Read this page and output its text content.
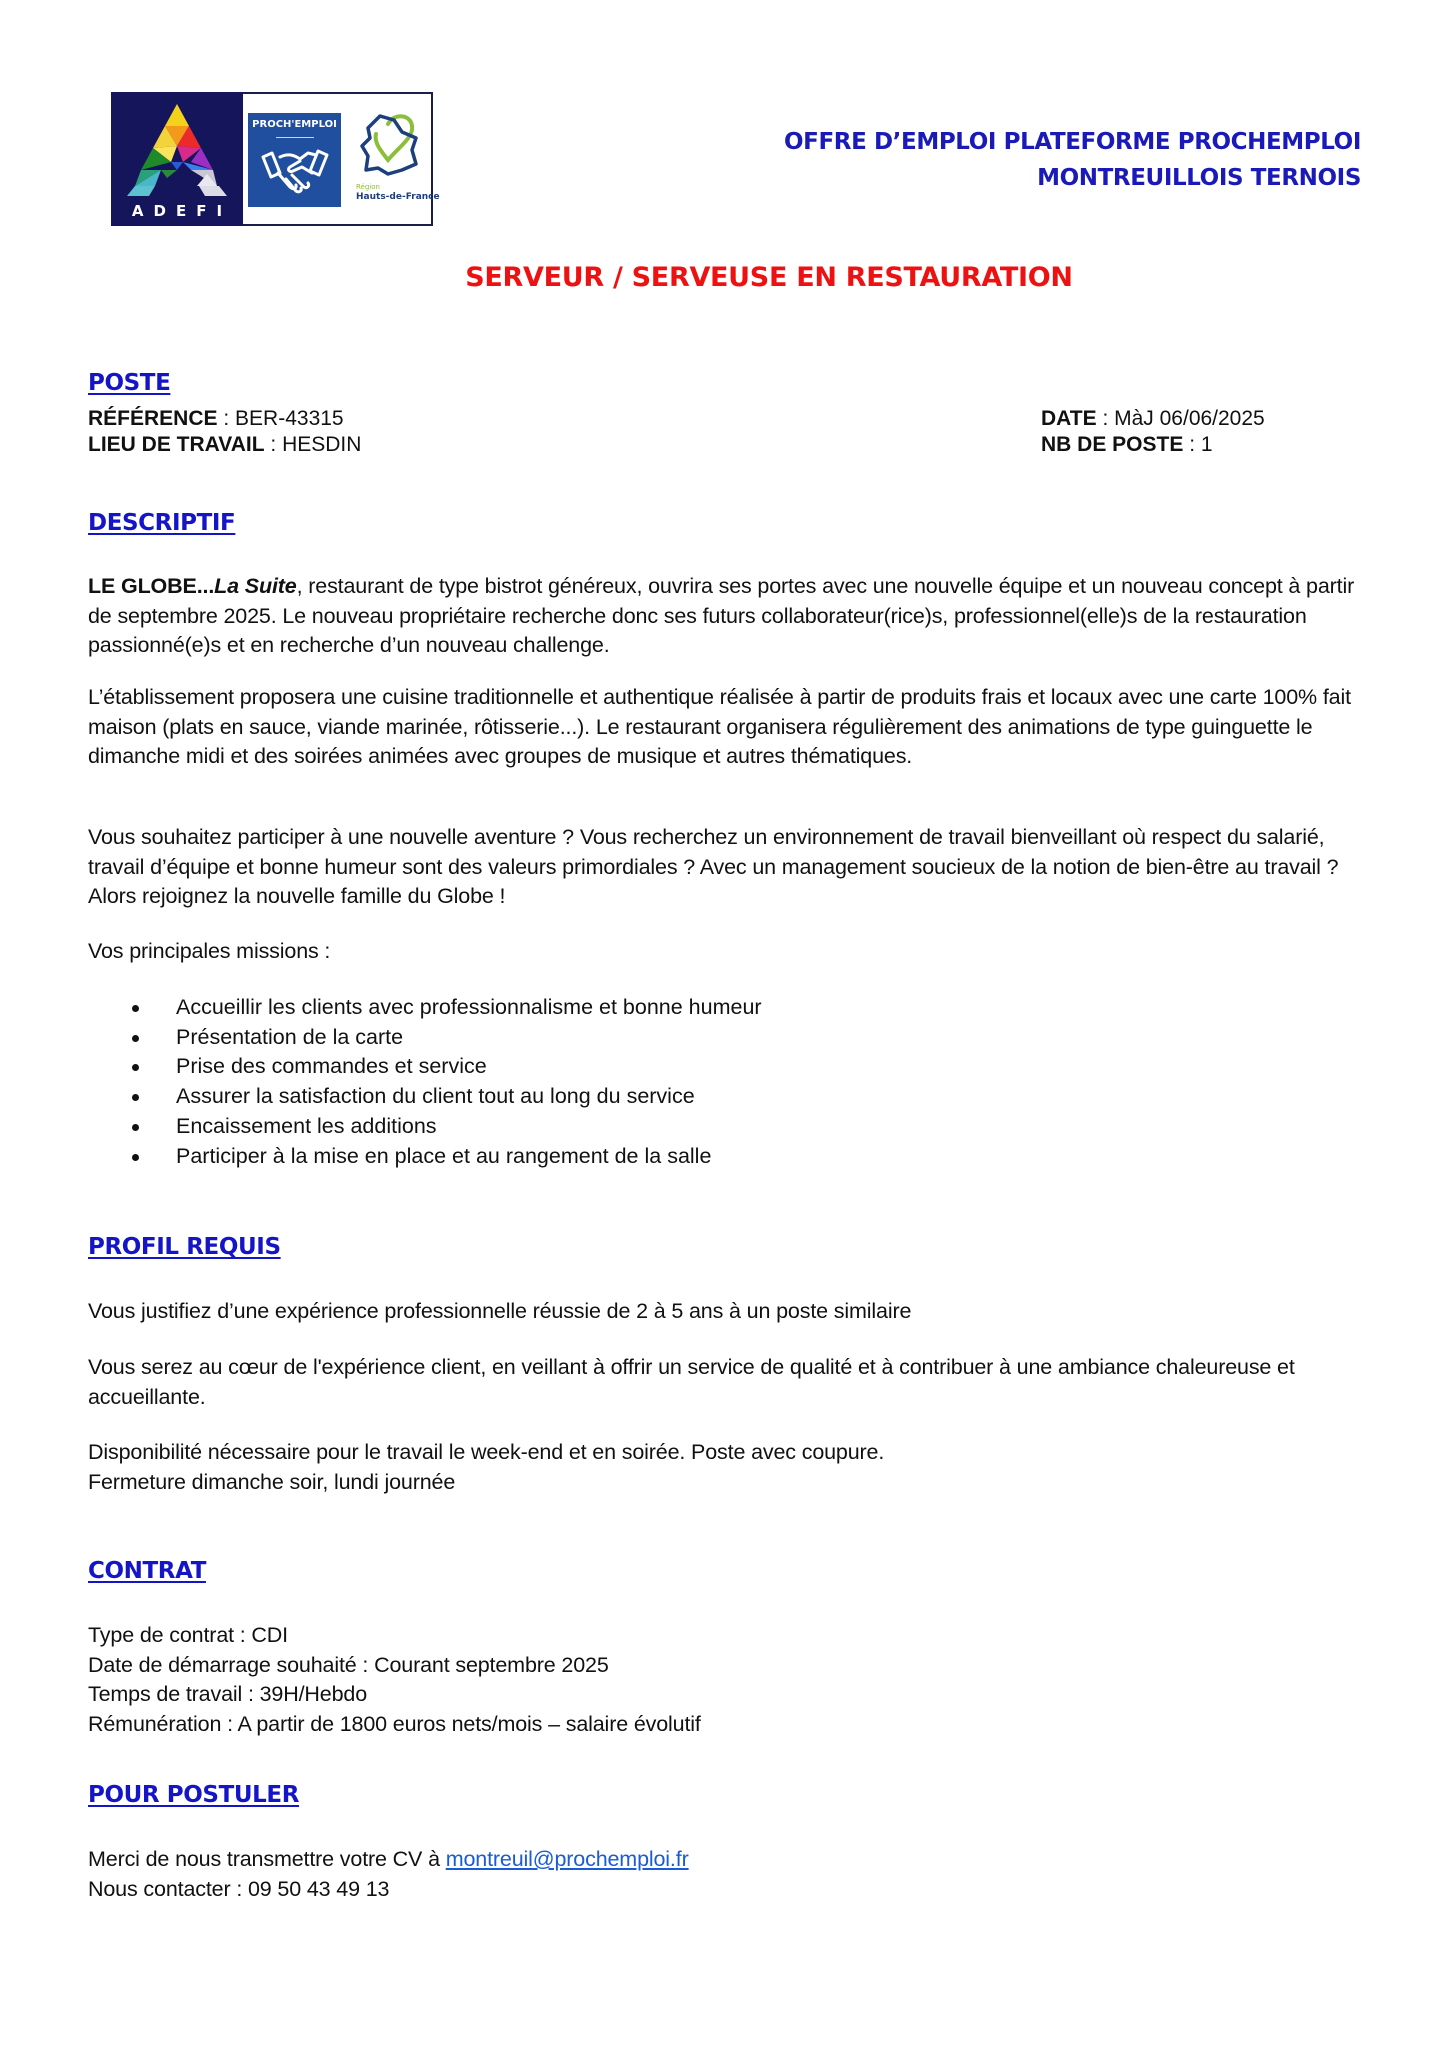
ADEFI
PROCH'EMPLOI
Région
Hauts-de-France
OFFRE D’EMPLOI PLATEFORME PROCHEMPLOI
MONTREUILLOIS TERNOIS
SERVEUR / SERVEUSE EN RESTAURATION
POSTE
RÉFÉRENCE : BER-43315
LIEU DE TRAVAIL : HESDIN
DATE : MàJ 06/06/2025
NB DE POSTE : 1
DESCRIPTIF
LE GLOBE...La Suite, restaurant de type bistrot généreux, ouvrira ses portes avec une nouvelle équipe et un nouveau concept à partir de septembre 2025. Le nouveau propriétaire recherche donc ses futurs collaborateur(rice)s, professionnel(elle)s de la restauration passionné(e)s et en recherche d’un nouveau challenge.
L’établissement proposera une cuisine traditionnelle et authentique réalisée à partir de produits frais et locaux avec une carte 100% fait maison (plats en sauce, viande marinée, rôtisserie...). Le restaurant organisera régulièrement des animations de type guinguette le dimanche midi et des soirées animées avec groupes de musique et autres thématiques.
Vous souhaitez participer à une nouvelle aventure ? Vous recherchez un environnement de travail bienveillant où respect du salarié, travail d’équipe et bonne humeur sont des valeurs primordiales ? Avec un management soucieux de la notion de bien-être au travail ? Alors rejoignez la nouvelle famille du Globe !
Vos principales missions :
Accueillir les clients avec professionnalisme et bonne humeur
Présentation de la carte
Prise des commandes et service
Assurer la satisfaction du client tout au long du service
Encaissement les additions
Participer à la mise en place et au rangement de la salle
PROFIL REQUIS
Vous justifiez d’une expérience professionnelle réussie de 2 à 5 ans à un poste similaire
Vous serez au cœur de l'expérience client, en veillant à offrir un service de qualité et à contribuer à une ambiance chaleureuse et accueillante.
Disponibilité nécessaire pour le travail le week-end et en soirée. Poste avec coupure.
Fermeture dimanche soir, lundi journée
CONTRAT
Type de contrat : CDI
Date de démarrage souhaité : Courant septembre 2025
Temps de travail : 39H/Hebdo
Rémunération : A partir de 1800 euros nets/mois – salaire évolutif
POUR POSTULER
Merci de nous transmettre votre CV à montreuil@prochemploi.fr
Nous contacter : 09 50 43 49 13
